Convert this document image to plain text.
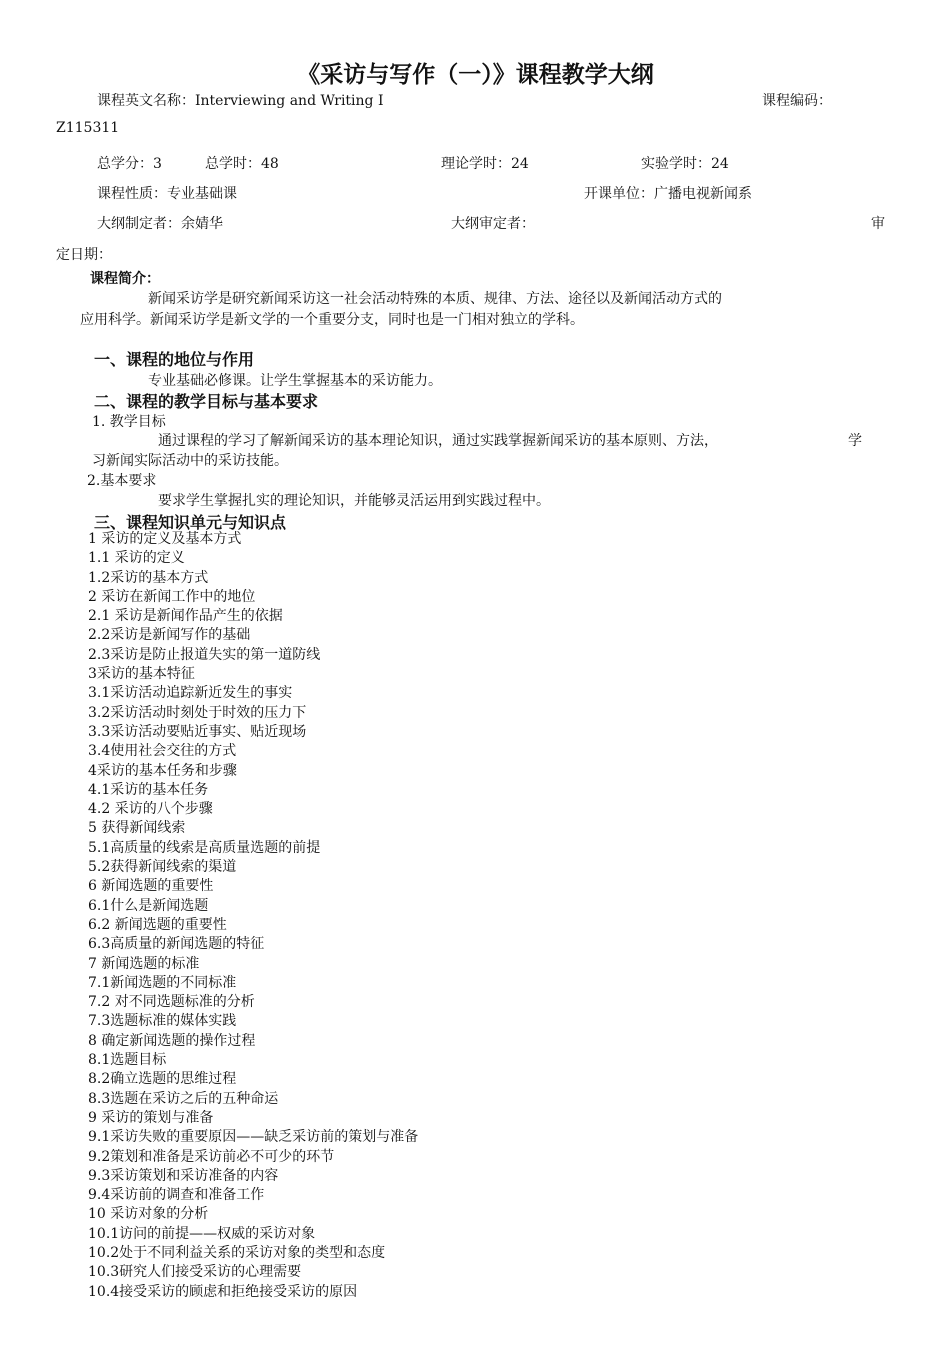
《采访与写作（一）》课程教学大纲
课程英文名称：Interviewing and Writing I	课程编码：
Z115311
总学分：3	总学时：48	理论学时：24	实验学时：24
课程性质：专业基础课	开课单位：广播电视新闻系
大纲制定者：余婧华	大纲审定者：	审
定日期：
课程简介：
新闻采访学是研究新闻采访这一社会活动特殊的本质、规律、方法、途径以及新闻活动方式的
应用科学。新闻采访学是新文学的一个重要分支，同时也是一门相对独立的学科。
一、课程的地位与作用
专业基础必修课。让学生掌握基本的采访能力。
二、课程的教学目标与基本要求
1. 教学目标
通过课程的学习了解新闻采访的基本理论知识，通过实践掌握新闻采访的基本原则、方法，	学
习新闻实际活动中的采访技能。
2.基本要求
要求学生掌握扎实的理论知识，并能够灵活运用到实践过程中。
三、课程知识单元与知识点
1 采访的定义及基本方式
1.1 采访的定义
1.2采访的基本方式
2 采访在新闻工作中的地位
2.1 采访是新闻作品产生的依据
2.2采访是新闻写作的基础
2.3采访是防止报道失实的第一道防线
3采访的基本特征
3.1采访活动追踪新近发生的事实
3.2采访活动时刻处于时效的压力下
3.3采访活动要贴近事实、贴近现场
3.4使用社会交往的方式
4采访的基本任务和步骤
4.1采访的基本任务
4.2 采访的八个步骤
5 获得新闻线索
5.1高质量的线索是高质量选题的前提
5.2获得新闻线索的渠道
6 新闻选题的重要性
6.1什么是新闻选题
6.2 新闻选题的重要性
6.3高质量的新闻选题的特征
7 新闻选题的标准
7.1新闻选题的不同标准
7.2 对不同选题标准的分析
7.3选题标准的媒体实践
8 确定新闻选题的操作过程
8.1选题目标
8.2确立选题的思维过程
8.3选题在采访之后的五种命运
9 采访的策划与准备
9.1采访失败的重要原因——缺乏采访前的策划与准备
9.2策划和准备是采访前必不可少的环节
9.3采访策划和采访准备的内容
9.4采访前的调查和准备工作
10 采访对象的分析
10.1访问的前提——权威的采访对象
10.2处于不同利益关系的采访对象的类型和态度
10.3研究人们接受采访的心理需要
10.4接受采访的顾虑和拒绝接受采访的原因
